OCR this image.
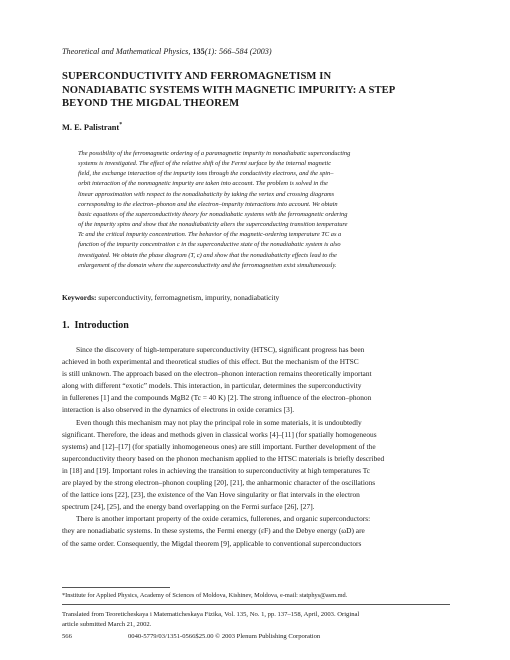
Theoretical and Mathematical Physics, 135(1): 566–584 (2003)
SUPERCONDUCTIVITY AND FERROMAGNETISM IN
NONADIABATIC SYSTEMS WITH MAGNETIC IMPURITY: A STEP
BEYOND THE MIGDAL THEOREM
M. E. Palistrant*
The possibility of the ferromagnetic ordering of a paramagnetic impurity in nonadiabatic superconducting
systems is investigated. The effect of the relative shift of the Fermi surface by the internal magnetic
field, the exchange interaction of the impurity ions through the conductivity electrons, and the spin–
orbit interaction of the nonmagnetic impurity are taken into account. The problem is solved in the
linear approximation with respect to the nonadiabaticity by taking the vertex and crossing diagrams
corresponding to the electron–phonon and the electron–impurity interactions into account. We obtain
basic equations of the superconductivity theory for nonadiabatic systems with the ferromagnetic ordering
of the impurity spins and show that the nonadiabaticity alters the superconducting transition temperature
Tc and the critical impurity concentration. The behavior of the magnetic-ordering temperature TC as a
function of the impurity concentration c in the superconductive state of the nonadiabatic system is also
investigated. We obtain the phase diagram (T, c) and show that the nonadiabaticity effects lead to the
enlargement of the domain where the superconductivity and the ferromagnetism exist simultaneously.
Keywords: superconductivity, ferromagnetism, impurity, nonadiabaticity
1. Introduction
Since the discovery of high-temperature superconductivity (HTSC), significant progress has been
achieved in both experimental and theoretical studies of this effect. But the mechanism of the HTSC
is still unknown. The approach based on the electron–phonon interaction remains theoretically important
along with different “exotic” models. This interaction, in particular, determines the superconductivity
in fullerenes [1] and the compounds MgB2 (Tc = 40 K) [2]. The strong influence of the electron–phonon
interaction is also observed in the dynamics of electrons in oxide ceramics [3].
Even though this mechanism may not play the principal role in some materials, it is undoubtedly
significant. Therefore, the ideas and methods given in classical works [4]–[11] (for spatially homogeneous
systems) and [12]–[17] (for spatially inhomogeneous ones) are still important. Further development of the
superconductivity theory based on the phonon mechanism applied to the HTSC materials is briefly described
in [18] and [19]. Important roles in achieving the transition to superconductivity at high temperatures Tc
are played by the strong electron–phonon coupling [20], [21], the anharmonic character of the oscillations
of the lattice ions [22], [23], the existence of the Van Hove singularity or flat intervals in the electron
spectrum [24], [25], and the energy band overlapping on the Fermi surface [26], [27].
There is another important property of the oxide ceramics, fullerenes, and organic superconductors:
they are nonadiabatic systems. In these systems, the Fermi energy (εF) and the Debye energy (ωD) are
of the same order. Consequently, the Migdal theorem [9], applicable to conventional superconductors
*Institute for Applied Physics, Academy of Sciences of Moldova, Kishinev, Moldova, e-mail: statphys@asm.md.
Translated from Teoreticheskaya i Matematicheskaya Fizika, Vol. 135, No. 1, pp. 137–158, April, 2003. Original
article submitted March 21, 2002.
566	0040-5779/03/1351-0566$25.00 © 2003 Plenum Publishing Corporation
